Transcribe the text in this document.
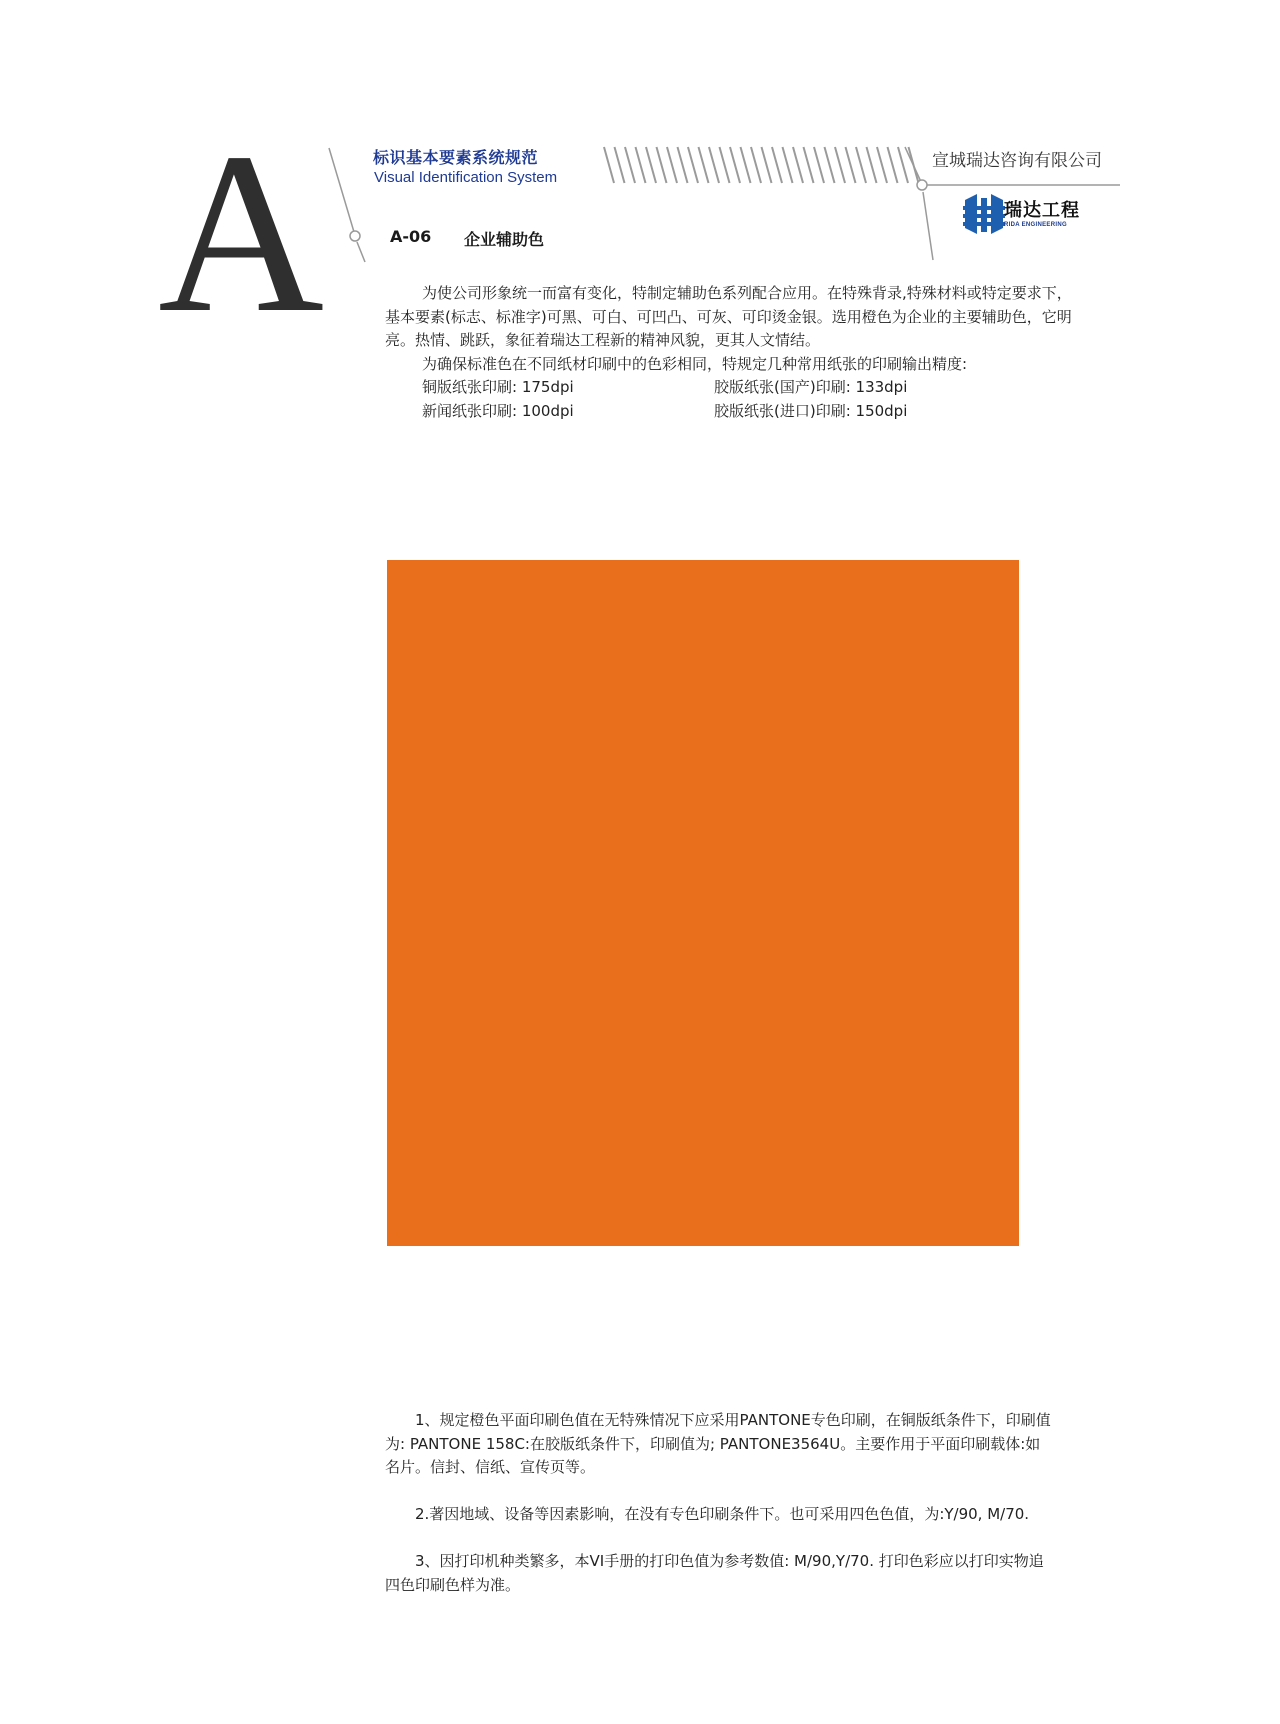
A	标识基本要素系统规范
Visual Identification System
宣城瑞达咨询有限公司
A-06 企业辅助色
瑞达工程
RIDA ENGINEERING

为使公司形象统一而富有变化，特制定辅助色系列配合应用。在特殊背录,特殊材料或特定要求下，基本要素(标志、标准字)可黑、可白、可凹凸、可灰、可印烫金银。选用橙色为企业的主要辅助色，它明亮。热情、跳跃，象征着瑞达工程新的精神风貌，更其人文情结。

为确保标准色在不同纸材印刷中的色彩相同，特规定几种常用纸张的印刷输出精度:

铜版纸张印刷: 175dpi	胶版纸张(国产)印刷: 133dpi
新闻纸张印刷: 100dpi	胶版纸张(进口)印刷: 150dpi

1、规定橙色平面印刷色值在无特殊情况下应采用PANTONE专色印刷，在铜版纸条件下，印刷值为: PANTONE 158C:在胶版纸条件下，印刷值为; PANTONE3564U。主要作用于平面印刷载体:如名片。信封、信纸、宣传页等。

2.著因地域、设备等因素影响，在没有专色印刷条件下。也可采用四色色值，为:Y/90, M/70.

3、因打印机种类繁多，本VI手册的打印色值为参考数值: M/90,Y/70. 打印色彩应以打印实物追四色印刷色样为准。
